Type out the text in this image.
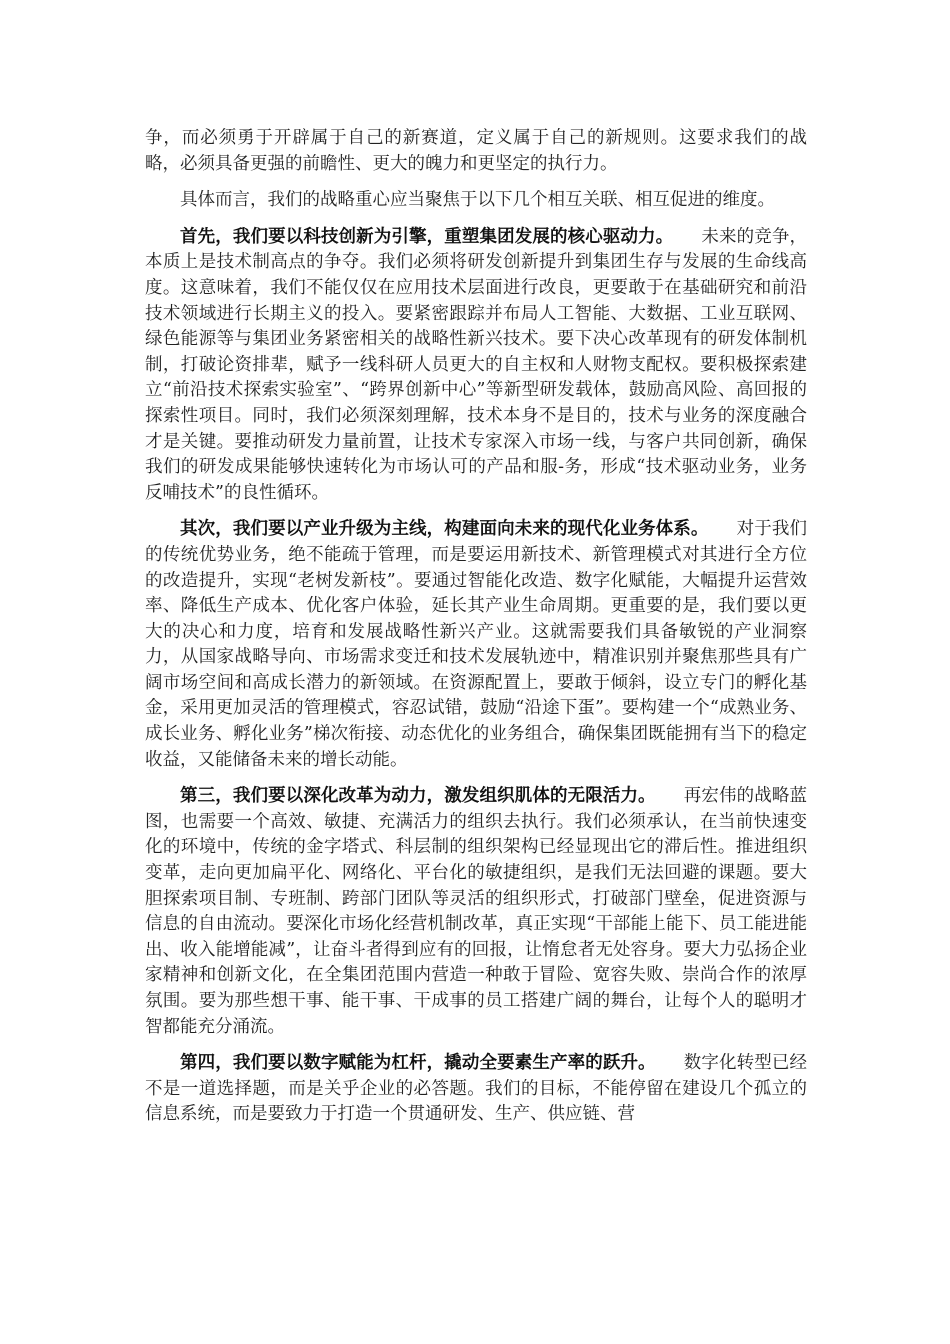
争，而必须勇于开辟属于自己的新赛道，定义属于自己的新规则。这要求我们的战略，必须具备更强的前瞻性、更大的魄力和更坚定的执行力。

具体而言，我们的战略重心应当聚焦于以下几个相互关联、相互促进的维度。

首先，我们要以科技创新为引擎，重塑集团发展的核心驱动力。 未来的竞争，本质上是技术制高点的争夺。我们必须将研发创新提升到集团生存与发展的生命线高度。这意味着，我们不能仅仅在应用技术层面进行改良，更要敢于在基础研究和前沿技术领域进行长期主义的投入。要紧密跟踪并布局人工智能、大数据、工业互联网、绿色能源等与集团业务紧密相关的战略性新兴技术。要下决心改革现有的研发体制机制，打破论资排辈，赋予一线科研人员更大的自主权和人财物支配权。要积极探索建立“前沿技术探索实验室”、“跨界创新中心”等新型研发载体，鼓励高风险、高回报的探索性项目。同时，我们必须深刻理解，技术本身不是目的，技术与业务的深度融合才是关键。要推动研发力量前置，让技术专家深入市场一线，与客户共同创新，确保我们的研发成果能够快速转化为市场认可的产品和服-务，形成“技术驱动业务，业务反哺技术”的良性循环。

其次，我们要以产业升级为主线，构建面向未来的现代化业务体系。 对于我们的传统优势业务，绝不能疏于管理，而是要运用新技术、新管理模式对其进行全方位的改造提升，实现“老树发新枝”。要通过智能化改造、数字化赋能，大幅提升运营效率、降低生产成本、优化客户体验，延长其产业生命周期。更重要的是，我们要以更大的决心和力度，培育和发展战略性新兴产业。这就需要我们具备敏锐的产业洞察力，从国家战略导向、市场需求变迁和技术发展轨迹中，精准识别并聚焦那些具有广阔市场空间和高成长潜力的新领域。在资源配置上，要敢于倾斜，设立专门的孵化基金，采用更加灵活的管理模式，容忍试错，鼓励“沿途下蛋”。要构建一个“成熟业务、成长业务、孵化业务”梯次衔接、动态优化的业务组合，确保集团既能拥有当下的稳定收益，又能储备未来的增长动能。

第三，我们要以深化改革为动力，激发组织肌体的无限活力。 再宏伟的战略蓝图，也需要一个高效、敏捷、充满活力的组织去执行。我们必须承认，在当前快速变化的环境中，传统的金字塔式、科层制的组织架构已经显现出它的滞后性。推进组织变革，走向更加扁平化、网络化、平台化的敏捷组织，是我们无法回避的课题。要大胆探索项目制、专班制、跨部门团队等灵活的组织形式，打破部门壁垒，促进资源与信息的自由流动。要深化市场化经营机制改革，真正实现“干部能上能下、员工能进能出、收入能增能减”，让奋斗者得到应有的回报，让惰怠者无处容身。要大力弘扬企业家精神和创新文化，在全集团范围内营造一种敢于冒险、宽容失败、崇尚合作的浓厚氛围。要为那些想干事、能干事、干成事的员工搭建广阔的舞台，让每个人的聪明才智都能充分涌流。

第四，我们要以数字赋能为杠杆，撬动全要素生产率的跃升。 数字化转型已经不是一道选择题，而是关乎企业的必答题。我们的目标，不能停留在建设几个孤立的信息系统，而是要致力于打造一个贯通研发、生产、供应链、营
